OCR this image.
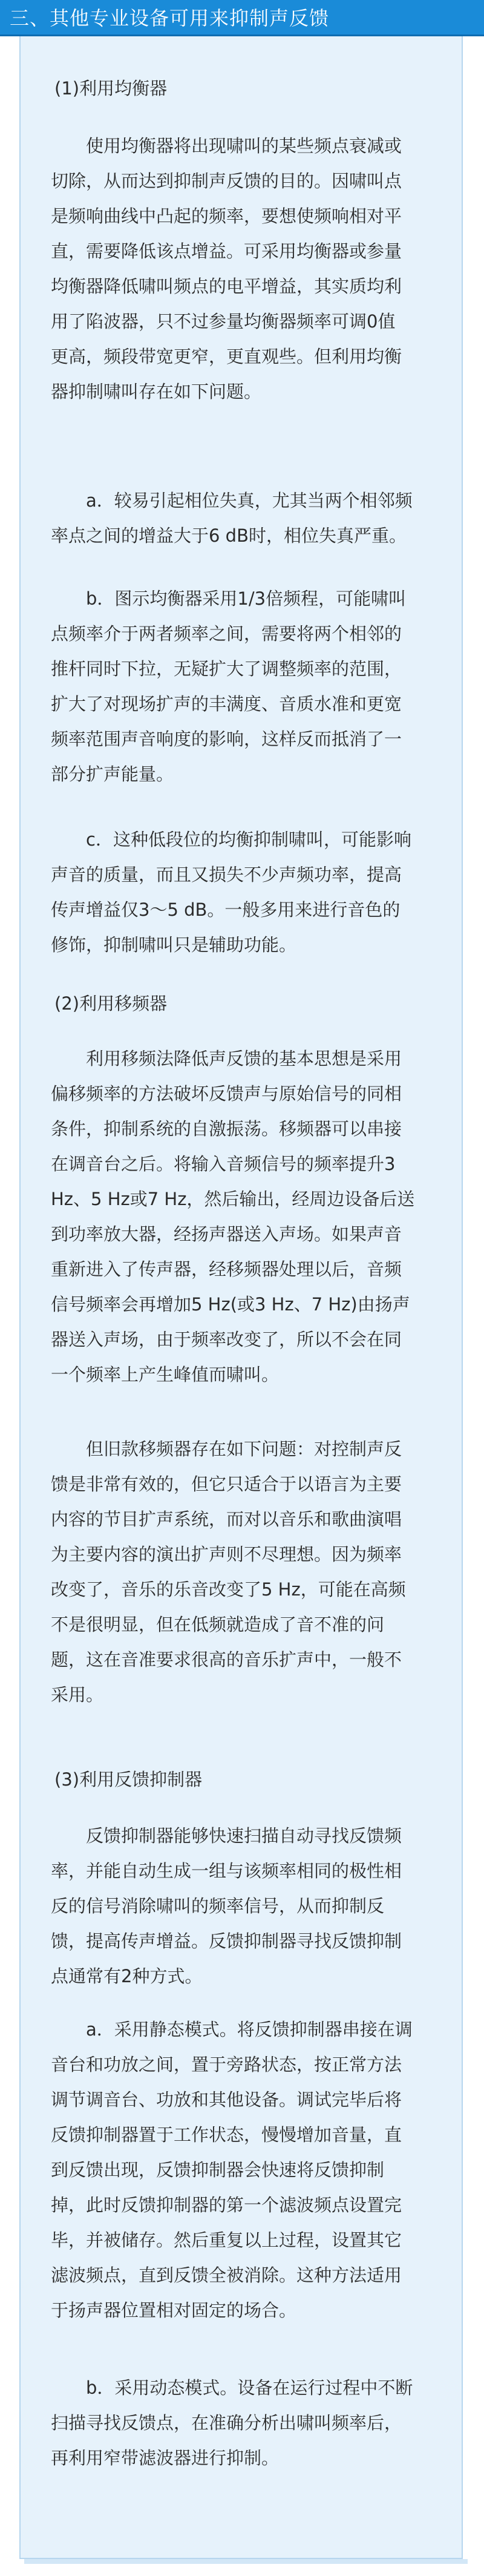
三、其他专业设备可用来抑制声反馈
(1)利用均衡器
使用均衡器将出现啸叫的某些频点衰减或
切除，从而达到抑制声反馈的目的。因啸叫点
是频响曲线中凸起的频率，要想使频响相对平
直，需要降低该点增益。可采用均衡器或参量
均衡器降低啸叫频点的电平增益，其实质均利
用了陷波器，只不过参量均衡器频率可调0值
更高，频段带宽更窄，更直观些。但利用均衡
器抑制啸叫存在如下问题。
a．较易引起相位失真，尤其当两个相邻频
率点之间的增益大于6 dB时，相位失真严重。
b．图示均衡器采用1/3倍频程，可能啸叫
点频率介于两者频率之间，需要将两个相邻的
推杆同时下拉，无疑扩大了调整频率的范围，
扩大了对现场扩声的丰满度、音质水准和更宽
频率范围声音响度的影响，这样反而抵消了一
部分扩声能量。
c．这种低段位的均衡抑制啸叫，可能影响
声音的质量，而且又损失不少声频功率，提高
传声增益仅3～5 dB。一般多用来进行音色的
修饰，抑制啸叫只是辅助功能。
(2)利用移频器
利用移频法降低声反馈的基本思想是采用
偏移频率的方法破坏反馈声与原始信号的同相
条件，抑制系统的自激振荡。移频器可以串接
在调音台之后。将输入音频信号的频率提升3
Hz、5 Hz或7 Hz，然后输出，经周边设备后送
到功率放大器，经扬声器送入声场。如果声音
重新进入了传声器，经移频器处理以后，音频
信号频率会再增加5 Hz(或3 Hz、7 Hz)由扬声
器送入声场，由于频率改变了，所以不会在同
一个频率上产生峰值而啸叫。
但旧款移频器存在如下问题：对控制声反
馈是非常有效的，但它只适合于以语言为主要
内容的节目扩声系统，而对以音乐和歌曲演唱
为主要内容的演出扩声则不尽理想。因为频率
改变了，音乐的乐音改变了5 Hz，可能在高频
不是很明显，但在低频就造成了音不准的问
题，这在音准要求很高的音乐扩声中，一般不
采用。
(3)利用反馈抑制器
反馈抑制器能够快速扫描自动寻找反馈频
率，并能自动生成一组与该频率相同的极性相
反的信号消除啸叫的频率信号，从而抑制反
馈，提高传声增益。反馈抑制器寻找反馈抑制
点通常有2种方式。
a．采用静态模式。将反馈抑制器串接在调
音台和功放之间，置于旁路状态，按正常方法
调节调音台、功放和其他设备。调试完毕后将
反馈抑制器置于工作状态，慢慢增加音量，直
到反馈出现，反馈抑制器会快速将反馈抑制
掉，此时反馈抑制器的第一个滤波频点设置完
毕，并被储存。然后重复以上过程，设置其它
滤波频点，直到反馈全被消除。这种方法适用
于扬声器位置相对固定的场合。
b．采用动态模式。设备在运行过程中不断
扫描寻找反馈点，在准确分析出啸叫频率后，
再利用窄带滤波器进行抑制。
